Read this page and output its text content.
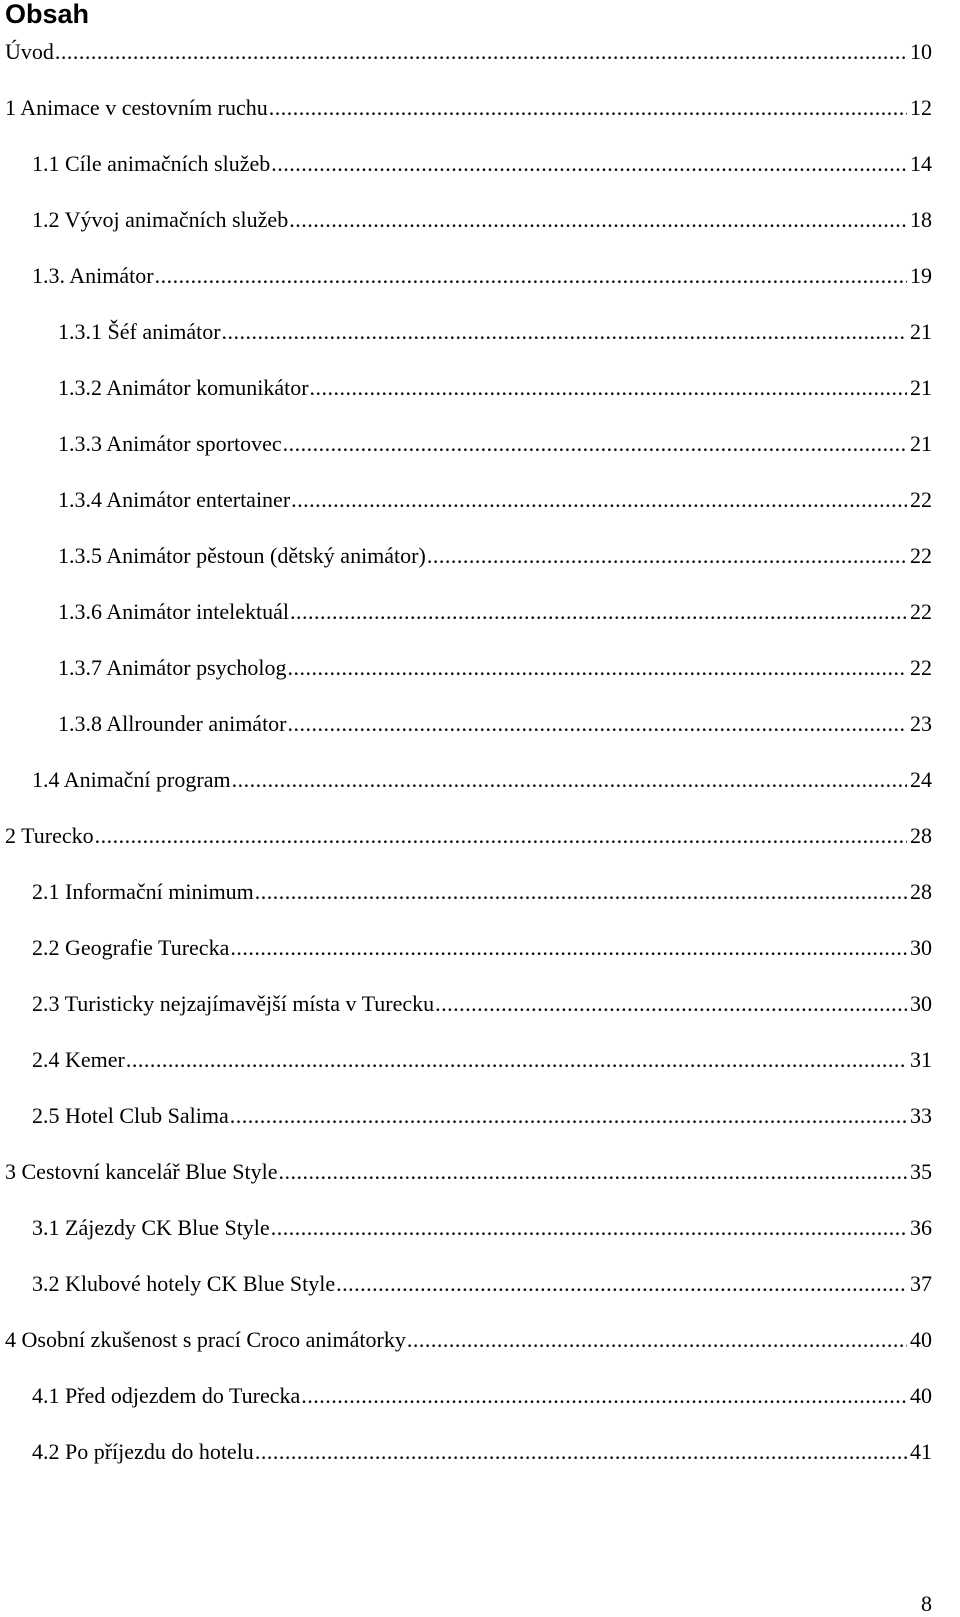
Obsah
Úvod .....	10
1 Animace v cestovním ruchu .....	12
1.1 Cíle animačních služeb .....	14
1.2 Vývoj animačních služeb .....	18
1.3. Animátor .....	19
1.3.1 Šéf animátor .....	21
1.3.2 Animátor komunikátor .....	21
1.3.3 Animátor sportovec .....	21
1.3.4 Animátor entertainer .....	22
1.3.5 Animátor pěstoun (dětský animátor) .....	22
1.3.6 Animátor intelektuál .....	22
1.3.7 Animátor psycholog .....	22
1.3.8 Allrounder animátor .....	23
1.4 Animační program .....	24
2 Turecko .....	28
2.1 Informační minimum .....	28
2.2 Geografie Turecka .....	30
2.3 Turisticky nejzajímavější místa v Turecku .....	30
2.4 Kemer .....	31
2.5 Hotel Club Salima .....	33
3 Cestovní kancelář Blue Style .....	35
3.1 Zájezdy CK Blue Style .....	36
3.2 Klubové hotely CK Blue Style .....	37
4 Osobní zkušenost s prací Croco animátorky .....	40
4.1 Před odjezdem do Turecka .....	40
4.2 Po příjezdu do hotelu .....	41
8
